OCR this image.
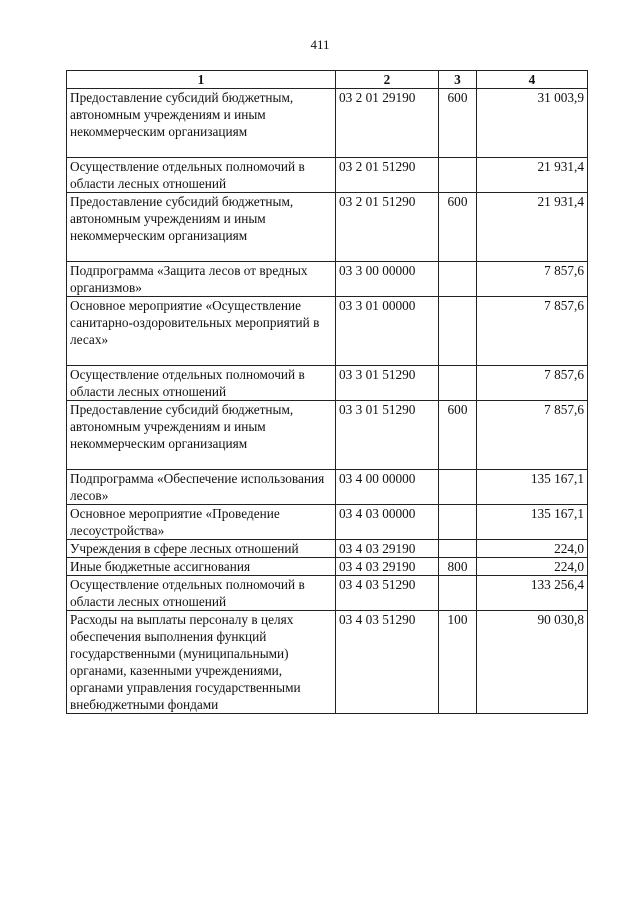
411
1	2	3	4
Предоставление субсидий бюджетным, автономным учреждениям и иным некоммерческим организациям	03 2 01 29190	600	31 003,9
Осуществление отдельных полномочий в области лесных отношений	03 2 01 51290		21 931,4
Предоставление субсидий бюджетным, автономным учреждениям и иным некоммерческим организациям	03 2 01 51290	600	21 931,4
Подпрограмма «Защита лесов от вредных организмов»	03 3 00 00000		7 857,6
Основное мероприятие «Осуществление санитарно-оздоровительных мероприятий в лесах»	03 3 01 00000		7 857,6
Осуществление отдельных полномочий в области лесных отношений	03 3 01 51290		7 857,6
Предоставление субсидий бюджетным, автономным учреждениям и иным некоммерческим организациям	03 3 01 51290	600	7 857,6
Подпрограмма «Обеспечение использования лесов»	03 4 00 00000		135 167,1
Основное мероприятие «Проведение лесоустройства»	03 4 03 00000		135 167,1
Учреждения в сфере лесных отношений	03 4 03 29190		224,0
Иные бюджетные ассигнования	03 4 03 29190	800	224,0
Осуществление отдельных полномочий в области лесных отношений	03 4 03 51290		133 256,4
Расходы на выплаты персоналу в целях обеспечения выполнения функций государственными (муниципальными) органами, казенными учреждениями, органами управления государственными внебюджетными фондами	03 4 03 51290	100	90 030,8
